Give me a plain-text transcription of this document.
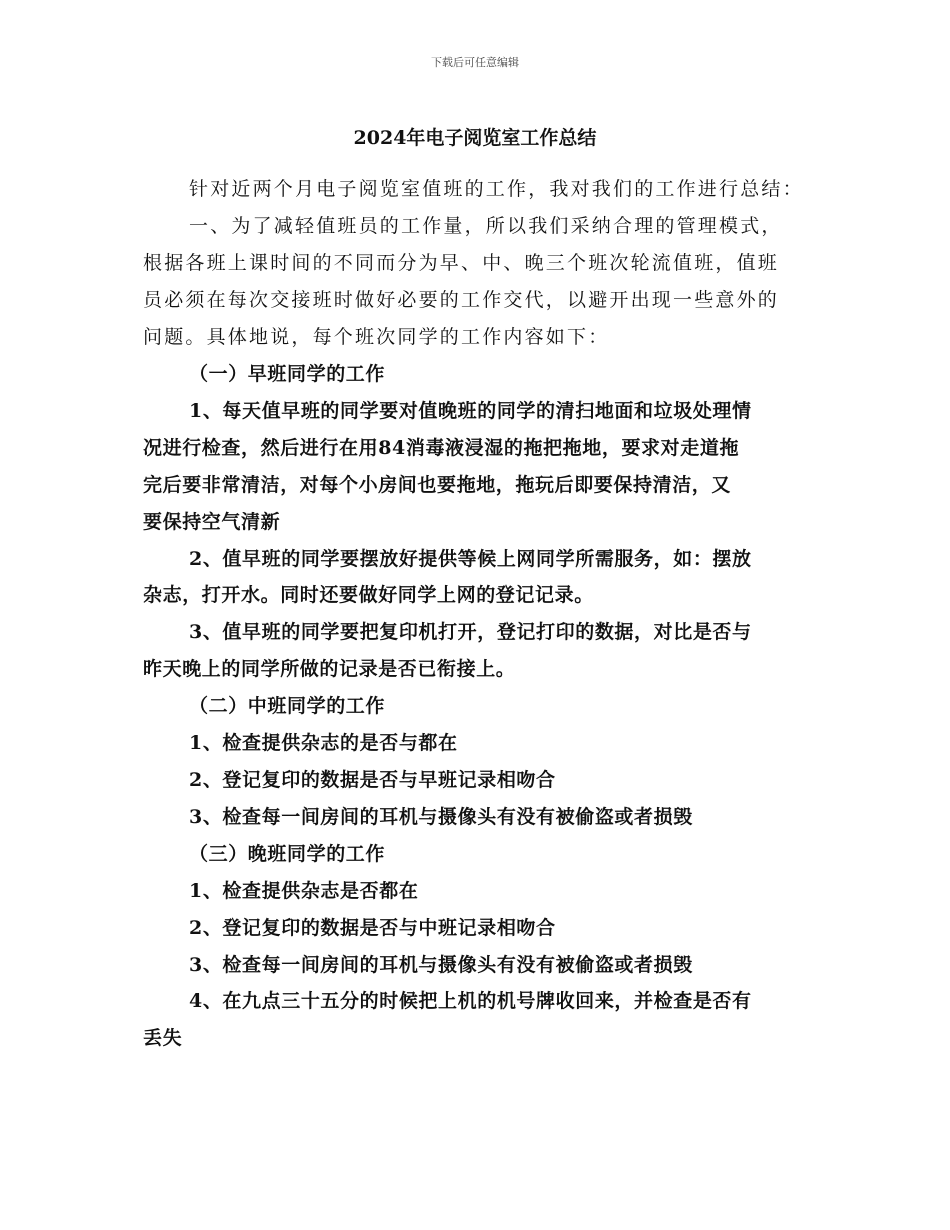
下载后可任意编辑
2024年电子阅览室工作总结

针对近两个月电子阅览室值班的工作，我对我们的工作进行总结：

一、为了减轻值班员的工作量，所以我们采纳合理的管理模式，
根据各班上课时间的不同而分为早、中、晚三个班次轮流值班，值班
员必须在每次交接班时做好必要的工作交代，以避开出现一些意外的
问题。具体地说，每个班次同学的工作内容如下：

（一）早班同学的工作

1、每天值早班的同学要对值晚班的同学的清扫地面和垃圾处理情
况进行检查，然后进行在用84消毒液浸湿的拖把拖地，要求对走道拖
完后要非常清洁，对每个小房间也要拖地，拖玩后即要保持清洁，又
要保持空气清新

2、值早班的同学要摆放好提供等候上网同学所需服务，如：摆放
杂志，打开水。同时还要做好同学上网的登记记录。

3、值早班的同学要把复印机打开，登记打印的数据，对比是否与
昨天晚上的同学所做的记录是否已衔接上。

（二）中班同学的工作

1、检查提供杂志的是否与都在

2、登记复印的数据是否与早班记录相吻合

3、检查每一间房间的耳机与摄像头有没有被偷盗或者损毁

（三）晚班同学的工作

1、检查提供杂志是否都在

2、登记复印的数据是否与中班记录相吻合

3、检查每一间房间的耳机与摄像头有没有被偷盗或者损毁

4、在九点三十五分的时候把上机的机号牌收回来，并检查是否有
丢失
